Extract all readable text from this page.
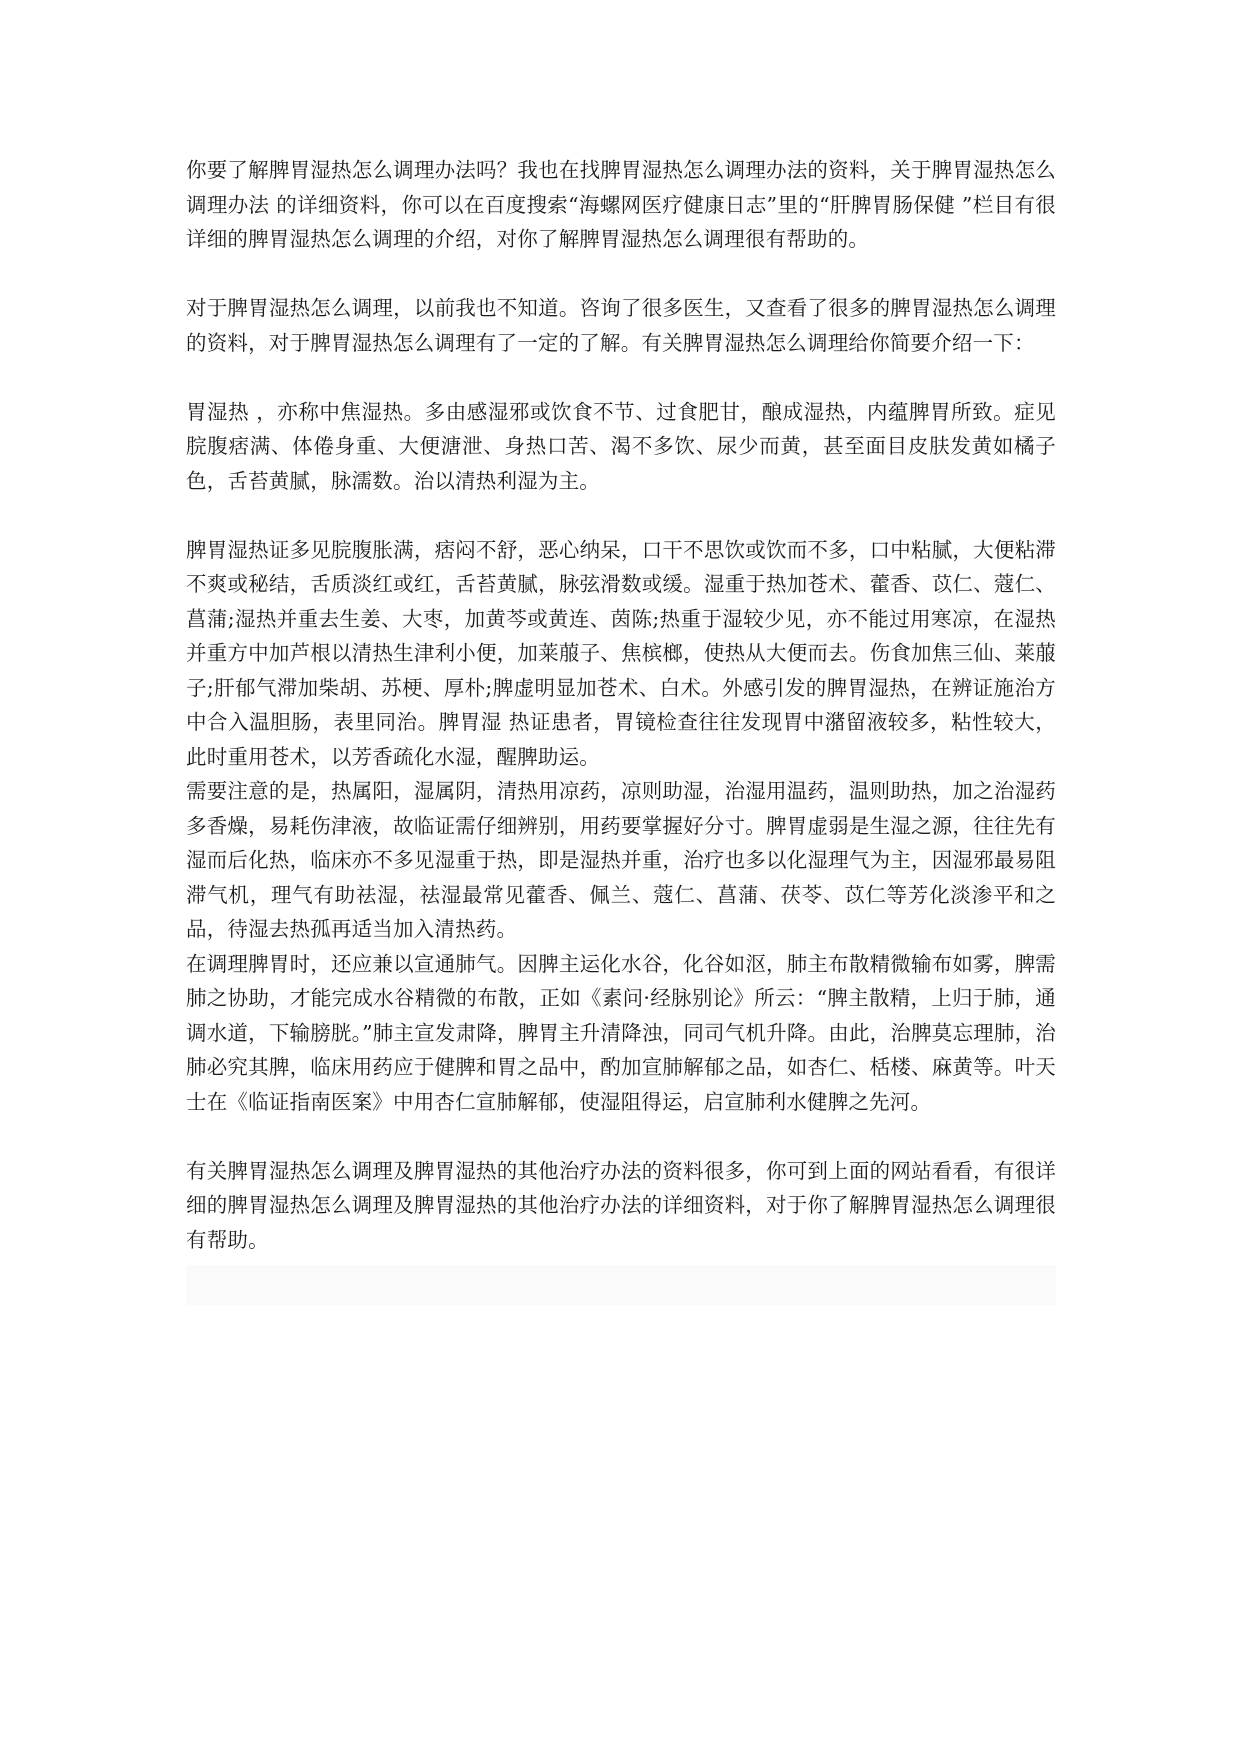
你要了解脾胃湿热怎么调理办法吗？我也在找脾胃湿热怎么调理办法的资料，关于脾胃湿热怎么调理办法 的详细资料，你可以在百度搜索“海螺网医疗健康日志”里的“肝脾胃肠保健 ”栏目有很详细的脾胃湿热怎么调理的介绍，对你了解脾胃湿热怎么调理很有帮助的。

对于脾胃湿热怎么调理，以前我也不知道。咨询了很多医生，又查看了很多的脾胃湿热怎么调理的资料，对于脾胃湿热怎么调理有了一定的了解。有关脾胃湿热怎么调理给你简要介绍一下：

胃湿热 ，亦称中焦湿热。多由感湿邪或饮食不节、过食肥甘，酿成湿热，内蕴脾胃所致。症见脘腹痞满、体倦身重、大便溏泄、身热口苦、渴不多饮、尿少而黄，甚至面目皮肤发黄如橘子色，舌苔黄腻，脉濡数。治以清热利湿为主。

脾胃湿热证多见脘腹胀满，痞闷不舒，恶心纳呆，口干不思饮或饮而不多，口中粘腻，大便粘滞不爽或秘结，舌质淡红或红，舌苔黄腻，脉弦滑数或缓。湿重于热加苍术、藿香、苡仁、蔻仁、菖蒲;湿热并重去生姜、大枣，加黄芩或黄连、茵陈;热重于湿较少见，亦不能过用寒凉，在湿热并重方中加芦根以清热生津利小便，加莱菔子、焦槟榔，使热从大便而去。伤食加焦三仙、莱菔子;肝郁气滞加柴胡、苏梗、厚朴;脾虚明显加苍术、白术。外感引发的脾胃湿热，在辨证施治方中合入温胆肠，表里同治。脾胃湿 热证患者，胃镜检查往往发现胃中潴留液较多，粘性较大，此时重用苍术，以芳香疏化水湿，醒脾助运。

需要注意的是，热属阳，湿属阴，清热用凉药，凉则助湿，治湿用温药，温则助热，加之治湿药多香燥，易耗伤津液，故临证需仔细辨别，用药要掌握好分寸。脾胃虚弱是生湿之源，往往先有湿而后化热，临床亦不多见湿重于热，即是湿热并重，治疗也多以化湿理气为主，因湿邪最易阻滞气机，理气有助祛湿，祛湿最常见藿香、佩兰、蔻仁、菖蒲、茯苓、苡仁等芳化淡渗平和之品，待湿去热孤再适当加入清热药。

在调理脾胃时，还应兼以宣通肺气。因脾主运化水谷，化谷如沤，肺主布散精微输布如雾，脾需肺之协助，才能完成水谷精微的布散，正如《素问·经脉别论》所云：“脾主散精，上归于肺，通调水道，下输膀胱。”肺主宣发肃降，脾胃主升清降浊，同司气机升降。由此，治脾莫忘理肺，治肺必究其脾，临床用药应于健脾和胃之品中，酌加宣肺解郁之品，如杏仁、栝楼、麻黄等。叶天士在《临证指南医案》中用杏仁宣肺解郁，使湿阻得运，启宣肺利水健脾之先河。

有关脾胃湿热怎么调理及脾胃湿热的其他治疗办法的资料很多，你可到上面的网站看看，有很详细的脾胃湿热怎么调理及脾胃湿热的其他治疗办法的详细资料，对于你了解脾胃湿热怎么调理很有帮助。
